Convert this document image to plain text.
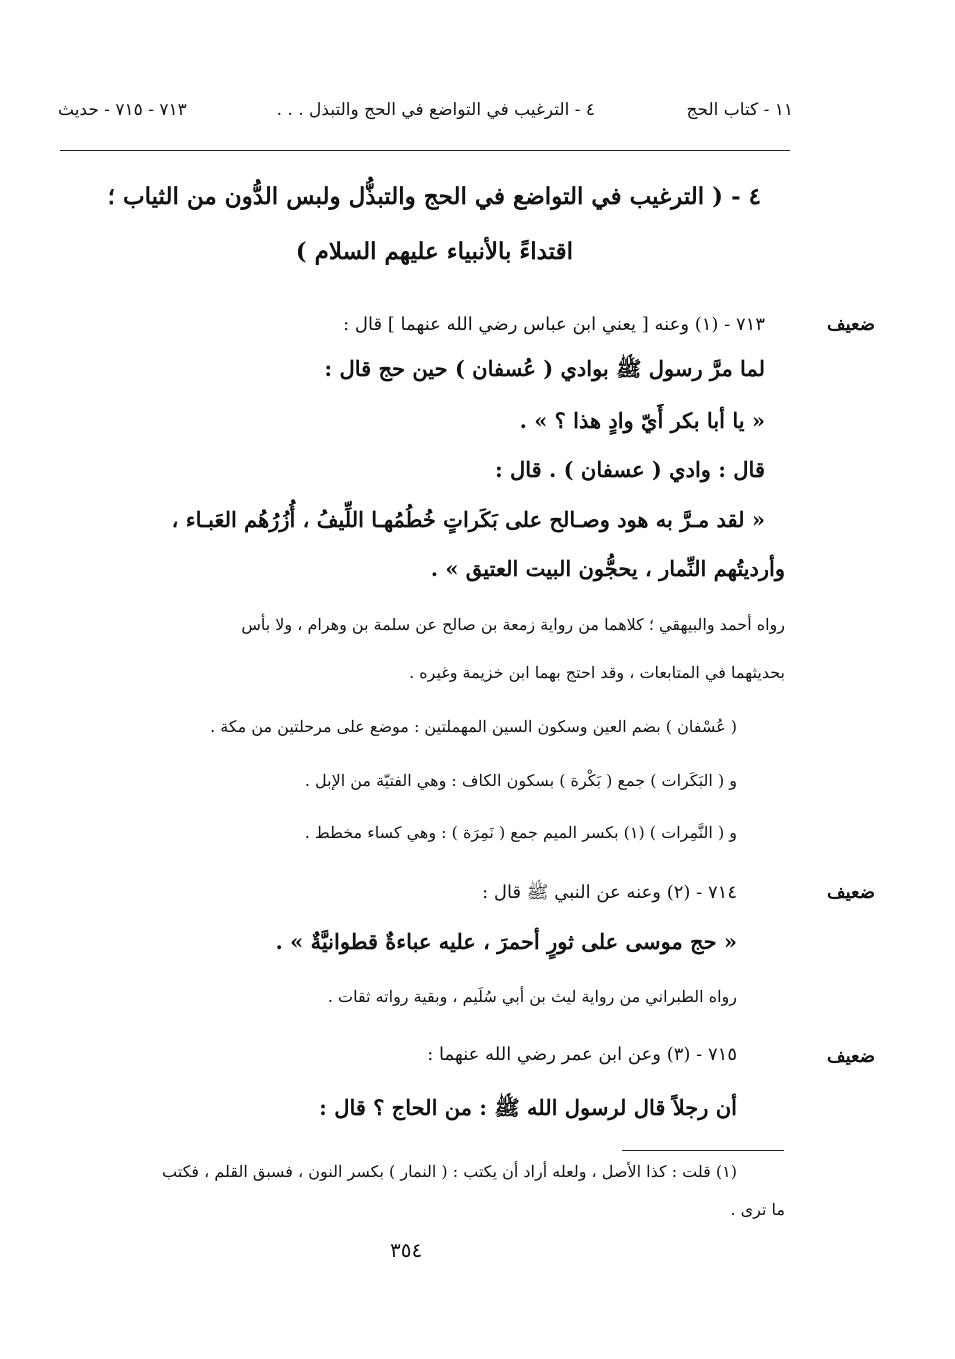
١١ - كتاب الحج
٤ - الترغيب في التواضع في الحج والتبذل . . .
٧١٣ - ٧١٥ - حديث
٤ - ( الترغيب في التواضع في الحج والتبذُّل ولبس الدُّون من الثياب ؛
اقتداءً بالأنبياء عليهم السلام )
ضعيف
٧١٣ - (١) وعنه [ يعني ابن عباس رضي الله عنهما ] قال :
لما مرَّ رسول ﷺ بوادي ( عُسفان ) حين حج قال :
« يا أبا بكر أَيّ وادٍ هذا ؟ » .
قال : وادي ( عسفان ) . قال :
« لقد مـرَّ به هود وصـالح على بَكَراتٍ خُطُمُهـا اللِّيفُ ، أُزُرُهُم العَبـاء ،
وأرديتُهم النِّمار ، يحجُّون البيت العتيق » .
رواه أحمد والبيهقي ؛ كلاهما من رواية زمعة بن صالح عن سلمة بن وهرام ، ولا بأس
بحديثهما في المتابعات ، وقد احتج بهما ابن خزيمة وغيره .
( عُسْفان ) بضم العين وسكون السين المهملتين : موضع على مرحلتين من مكة .
و ( البَكَرات ) جمع ( بَكْرة ) بسكون الكاف : وهي الفتيّة من الإبل .
و ( النَّمِرات ) (١) بكسر الميم جمع ( نَمِرَة ) : وهي كساء مخطط .
ضعيف
٧١٤ - (٢) وعنه عن النبي ﷺ قال :
« حج موسى على ثورٍ أحمرَ ، عليه عباءةٌ قطوانيَّةٌ » .
رواه الطبراني من رواية ليث بن أبي سُلَيم ، وبقية رواته ثقات .
ضعيف
٧١٥ - (٣) وعن ابن عمر رضي الله عنهما :
أن رجلاً قال لرسول الله ﷺ : من الحاج ؟ قال :
(١) قلت : كذا الأصل ، ولعله أراد أن يكتب : ( النمار ) بكسر النون ، فسبق القلم ، فكتب
ما ترى .
٣٥٤
